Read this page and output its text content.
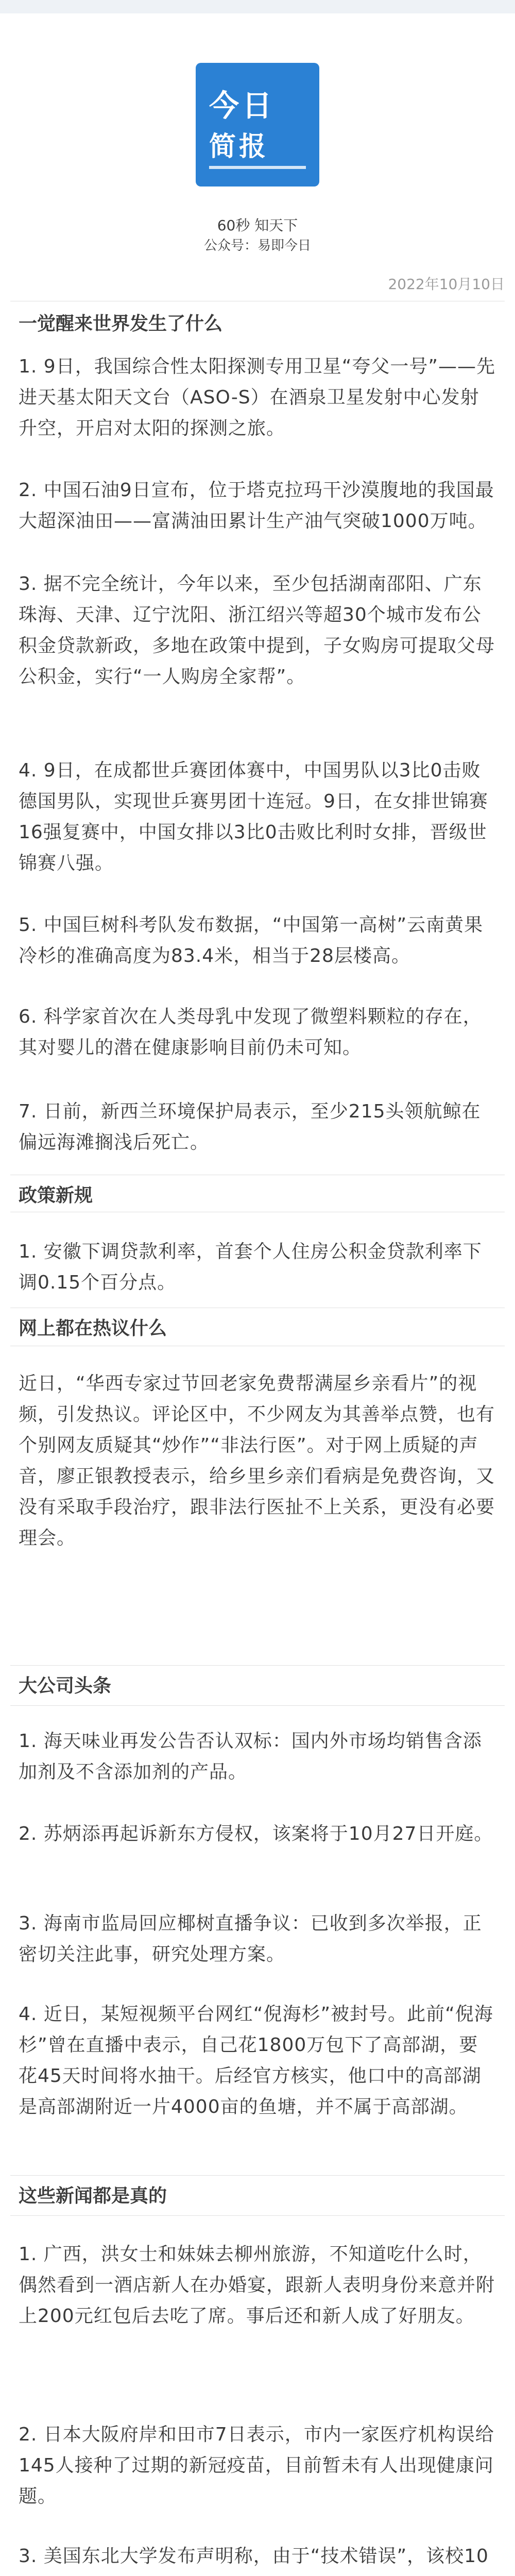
今日
简报
60秒 知天下
公众号：易即今日
2022年10月10日
一觉醒来世界发生了什么
1. 9日，我国综合性太阳探测专用卫星“夸父一号”——先进天基太阳天文台（ASO-S）在酒泉卫星发射中心发射升空，开启对太阳的探测之旅。
2. 中国石油9日宣布，位于塔克拉玛干沙漠腹地的我国最大超深油田——富满油田累计生产油气突破1000万吨。
3. 据不完全统计，今年以来，至少包括湖南邵阳、广东珠海、天津、辽宁沈阳、浙江绍兴等超30个城市发布公积金贷款新政，多地在政策中提到，子女购房可提取父母公积金，实行“一人购房全家帮”。
4. 9日，在成都世乒赛团体赛中，中国男队以3比0击败德国男队，实现世乒赛男团十连冠。9日，在女排世锦赛16强复赛中，中国女排以3比0击败比利时女排，晋级世锦赛八强。
5. 中国巨树科考队发布数据，“中国第一高树”云南黄果冷杉的准确高度为83.4米，相当于28层楼高。
6. 科学家首次在人类母乳中发现了微塑料颗粒的存在，其对婴儿的潜在健康影响目前仍未可知。
7. 日前，新西兰环境保护局表示，至少215头领航鲸在偏远海滩搁浅后死亡。
政策新规
1. 安徽下调贷款利率，首套个人住房公积金贷款利率下调0.15个百分点。
网上都在热议什么
近日，“华西专家过节回老家免费帮满屋乡亲看片”的视频，引发热议。评论区中，不少网友为其善举点赞，也有个别网友质疑其“炒作”“非法行医”。对于网上质疑的声音，廖正银教授表示，给乡里乡亲们看病是免费咨询，又没有采取手段治疗，跟非法行医扯不上关系，更没有必要理会。
大公司头条
1. 海天味业再发公告否认双标：国内外市场均销售含添加剂及不含添加剂的产品。
2. 苏炳添再起诉新东方侵权，该案将于10月27日开庭。
3. 海南市监局回应椰树直播争议：已收到多次举报，正密切关注此事，研究处理方案。
4. 近日，某短视频平台网红“倪海杉”被封号。此前“倪海杉”曾在直播中表示，自己花1800万包下了高部湖，要花45天时间将水抽干。后经官方核实，他口中的高部湖是高部湖附近一片4000亩的鱼塘，并不属于高部湖。
这些新闻都是真的
1. 广西，洪女士和妹妹去柳州旅游，不知道吃什么时，偶然看到一酒店新人在办婚宴，跟新人表明身份来意并附上200元红包后去吃了席。事后还和新人成了好朋友。
2. 日本大阪府岸和田市7日表示，市内一家医疗机构误给145人接种了过期的新冠疫苗，目前暂未有人出现健康问题。
3. 美国东北大学发布声明称，由于“技术错误”，该校10
